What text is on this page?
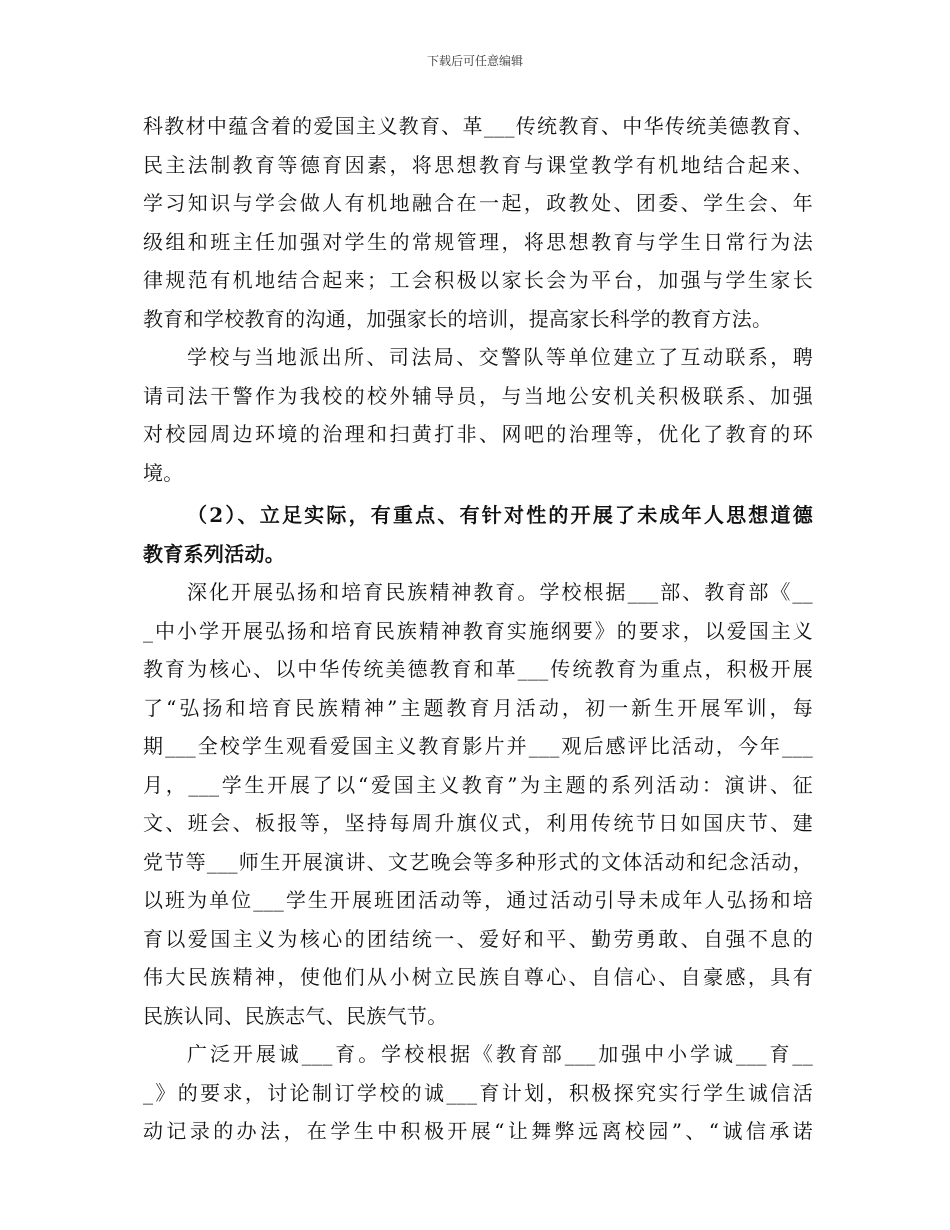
下载后可任意编辑
科教材中蕴含着的爱国主义教育、革___传统教育、中华传统美德教育、
民主法制教育等德育因素，将思想教育与课堂教学有机地结合起来、
学习知识与学会做人有机地融合在一起，政教处、团委、学生会、年
级组和班主任加强对学生的常规管理，将思想教育与学生日常行为法
律规范有机地结合起来；工会积极以家长会为平台，加强与学生家长
教育和学校教育的沟通，加强家长的培训，提高家长科学的教育方法。
学校与当地派出所、司法局、交警队等单位建立了互动联系，聘
请司法干警作为我校的校外辅导员，与当地公安机关积极联系、加强
对校园周边环境的治理和扫黄打非、网吧的治理等，优化了教育的环
境。
（2）、立足实际，有重点、有针对性的开展了未成年人思想道德
教育系列活动。
深化开展弘扬和培育民族精神教育。学校根据___部、教育部《__
_中小学开展弘扬和培育民族精神教育实施纲要》的要求，以爱国主义
教育为核心、以中华传统美德教育和革___传统教育为重点，积极开展
了“弘扬和培育民族精神”主题教育月活动，初一新生开展军训，每
期___全校学生观看爱国主义教育影片并___观后感评比活动，今年___
月，___学生开展了以“爱国主义教育”为主题的系列活动：演讲、征
文、班会、板报等，坚持每周升旗仪式，利用传统节日如国庆节、建
党节等___师生开展演讲、文艺晚会等多种形式的文体活动和纪念活动，
以班为单位___学生开展班团活动等，通过活动引导未成年人弘扬和培
育以爱国主义为核心的团结统一、爱好和平、勤劳勇敢、自强不息的
伟大民族精神，使他们从小树立民族自尊心、自信心、自豪感，具有
民族认同、民族志气、民族气节。
广泛开展诚___育。学校根据《教育部___加强中小学诚___育__
_》的要求，讨论制订学校的诚___育计划，积极探究实行学生诚信活
动记录的办法，在学生中积极开展“让舞弊远离校园”、“诚信承诺
